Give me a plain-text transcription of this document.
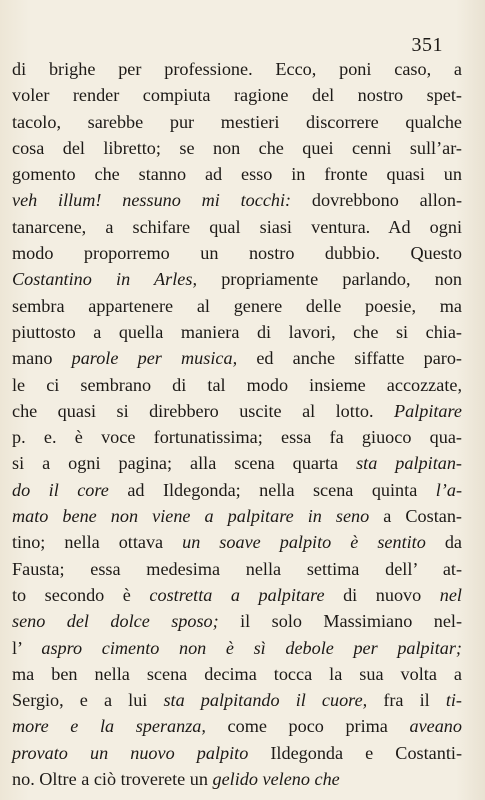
351
di brighe per professione. Ecco, poni caso, a
voler render compiuta ragione del nostro spet-
tacolo, sarebbe pur mestieri discorrere qualche
cosa del libretto; se non che quei cenni sull’ar-
gomento che stanno ad esso in fronte quasi un
veh illum! nessuno mi tocchi: dovrebbono allon-
tanarcene, a schifare qual siasi ventura. Ad ogni
modo proporremo un nostro dubbio. Questo
Costantino in Arles, propriamente parlando, non
sembra appartenere al genere delle poesie, ma
piuttosto a quella maniera di lavori, che si chia-
mano parole per musica, ed anche siffatte paro-
le ci sembrano di tal modo insieme accozzate,
che quasi si direbbero uscite al lotto. Palpitare
p. e. è voce fortunatissima; essa fa giuoco qua-
si a ogni pagina; alla scena quarta sta palpitan-
do il core ad Ildegonda; nella scena quinta l’a-
mato bene non viene a palpitare in seno a Costan-
tino; nella ottava un soave palpito è sentito da
Fausta; essa medesima nella settima dell’ at-
to secondo è costretta a palpitare di nuovo nel
seno del dolce sposo; il solo Massimiano nel-
l’ aspro cimento non è sì debole per palpitar;
ma ben nella scena decima tocca la sua volta a
Sergio, e a lui sta palpitando il cuore, fra il ti-
more e la speranza, come poco prima aveano
provato un nuovo palpito Ildegonda e Costanti-
no. Oltre a ciò troverete un gelido veleno che
